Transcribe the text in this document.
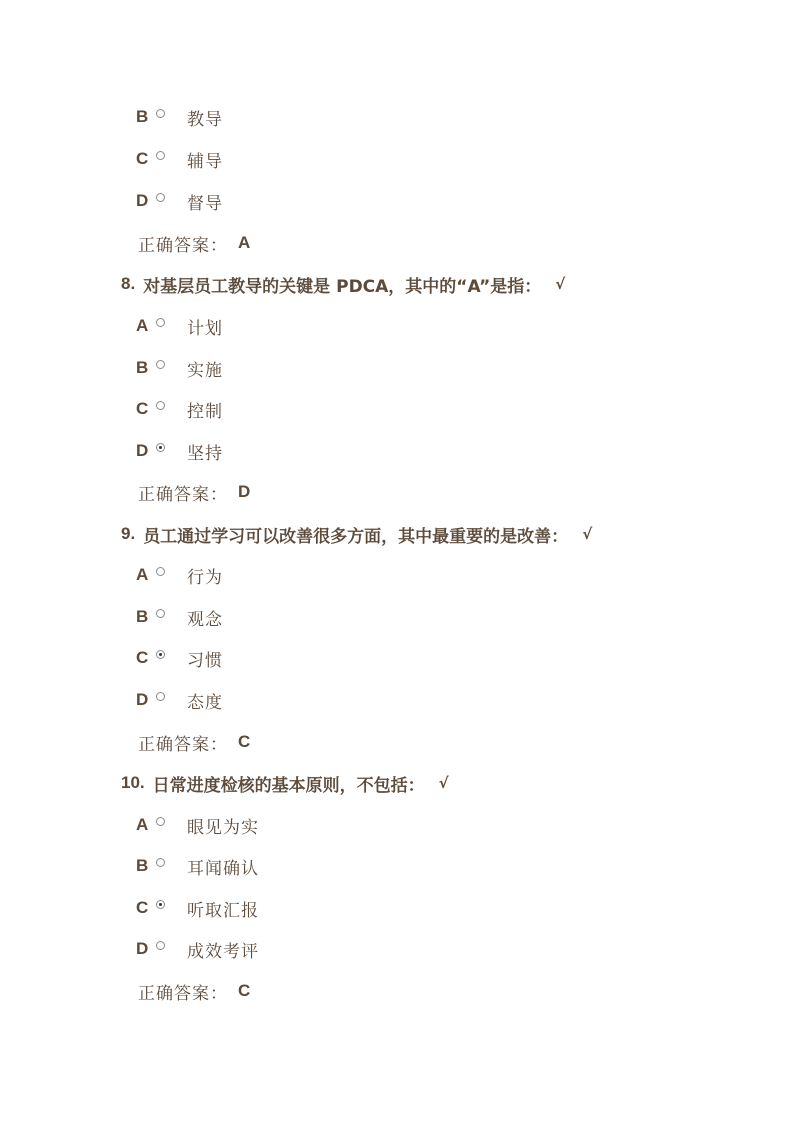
B 教导
C 辅导
D 督导
正确答案： A
8. 对基层员工教导的关键是 PDCA，其中的“A”是指： √
A 计划
B 实施
C 控制
D 坚持
正确答案： D
9. 员工通过学习可以改善很多方面，其中最重要的是改善： √
A 行为
B 观念
C 习惯
D 态度
正确答案： C
10. 日常进度检核的基本原则，不包括： √
A 眼见为实
B 耳闻确认
C 听取汇报
D 成效考评
正确答案： C
